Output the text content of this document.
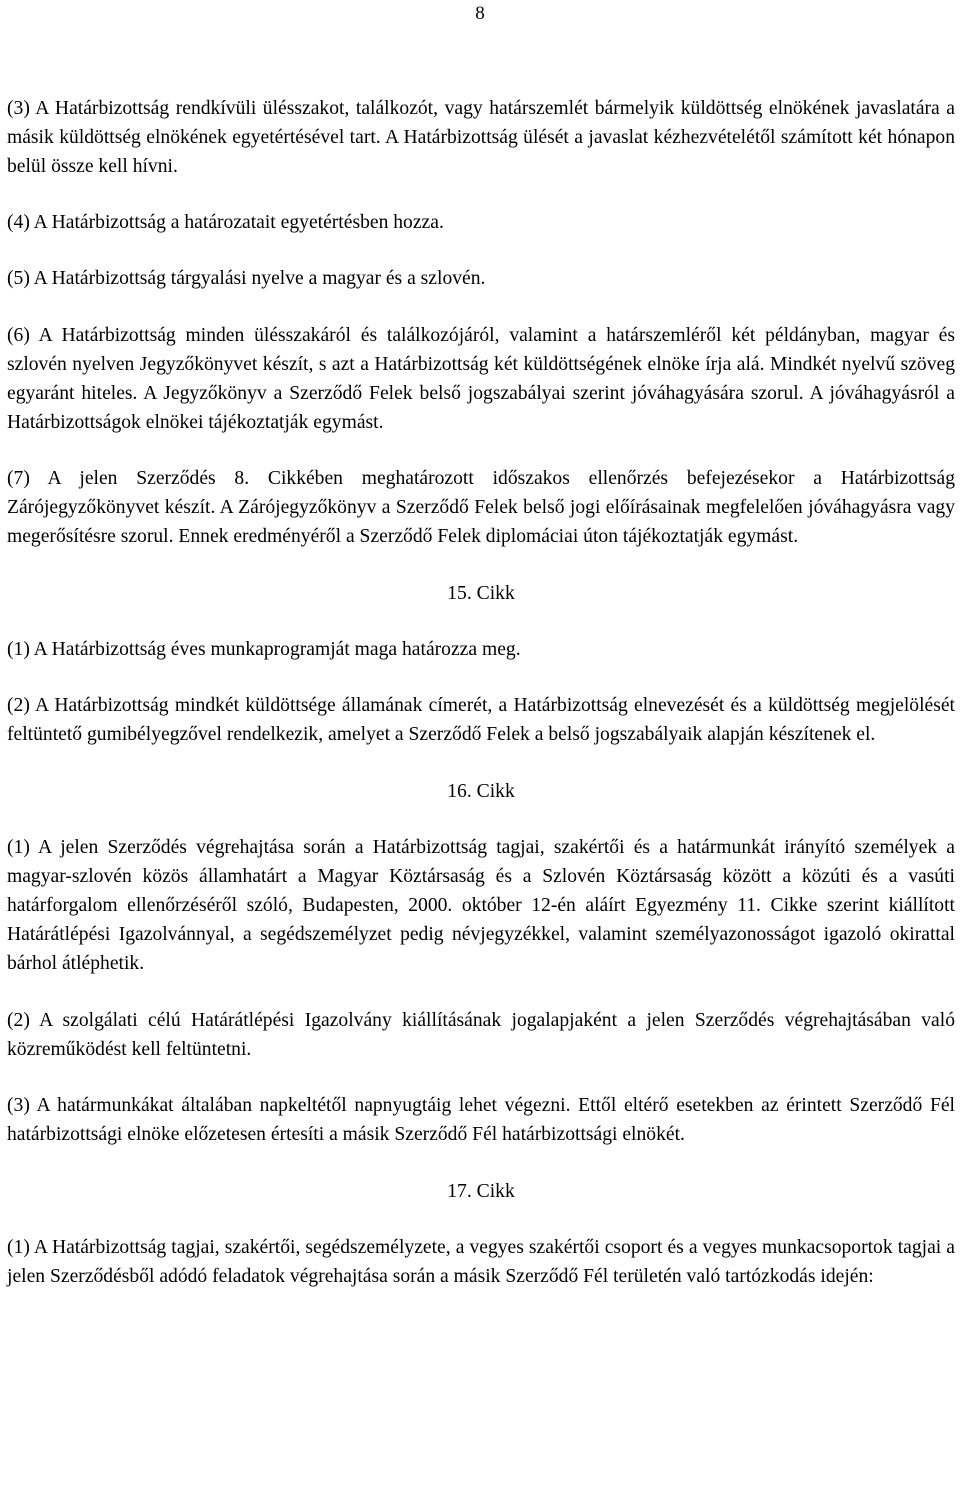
8

(3) A Határbizottság rendkívüli ülésszakot, találkozót, vagy határszemlét bármelyik küldöttség elnökének javaslatára a másik küldöttség elnökének egyetértésével tart. A Határbizottság ülését a javaslat kézhezvételétől számított két hónapon belül össze kell hívni.

(4) A Határbizottság a határozatait egyetértésben hozza.

(5) A Határbizottság tárgyalási nyelve a magyar és a szlovén.

(6) A Határbizottság minden ülésszakáról és találkozójáról, valamint a határszemléről két példányban, magyar és szlovén nyelven Jegyzőkönyvet készít, s azt a Határbizottság két küldöttségének elnöke írja alá. Mindkét nyelvű szöveg egyaránt hiteles. A Jegyzőkönyv a Szerződő Felek belső jogszabályai szerint jóváhagyására szorul. A jóváhagyásról a Határbizottságok elnökei tájékoztatják egymást.

(7) A jelen Szerződés 8. Cikkében meghatározott időszakos ellenőrzés befejezésekor a Határbizottság Zárójegyzőkönyvet készít. A Zárójegyzőkönyv a Szerződő Felek belső jogi előírásainak megfelelően jóváhagyásra vagy megerősítésre szorul. Ennek eredményéről a Szerződő Felek diplomáciai úton tájékoztatják egymást.

15. Cikk

(1) A Határbizottság éves munkaprogramját maga határozza meg.

(2) A Határbizottság mindkét küldöttsége államának címerét, a Határbizottság elnevezését és a küldöttség megjelölését feltüntető gumibélyegzővel rendelkezik, amelyet a Szerződő Felek a belső jogszabályaik alapján készítenek el.

16. Cikk

(1) A jelen Szerződés végrehajtása során a Határbizottság tagjai, szakértői és a határmunkát irányító személyek a magyar-szlovén közös államhatárt a Magyar Köztársaság és a Szlovén Köztársaság között a közúti és a vasúti határforgalom ellenőrzéséről szóló, Budapesten, 2000. október 12-én aláírt Egyezmény 11. Cikke szerint kiállított Határátlépési Igazolvánnyal, a segédszemélyzet pedig névjegyzékkel, valamint személyazonosságot igazoló okirattal bárhol átléphetik.

(2) A szolgálati célú Határátlépési Igazolvány kiállításának jogalapjaként a jelen Szerződés végrehajtásában való közreműködést kell feltüntetni.

(3) A határmunkákat általában napkeltétől napnyugtáig lehet végezni. Ettől eltérő esetekben az érintett Szerződő Fél határbizottsági elnöke előzetesen értesíti a másik Szerződő Fél határbizottsági elnökét.

17. Cikk

(1) A Határbizottság tagjai, szakértői, segédszemélyzete, a vegyes szakértői csoport és a vegyes munkacsoportok tagjai a jelen Szerződésből adódó feladatok végrehajtása során a másik Szerződő Fél területén való tartózkodás idején:
